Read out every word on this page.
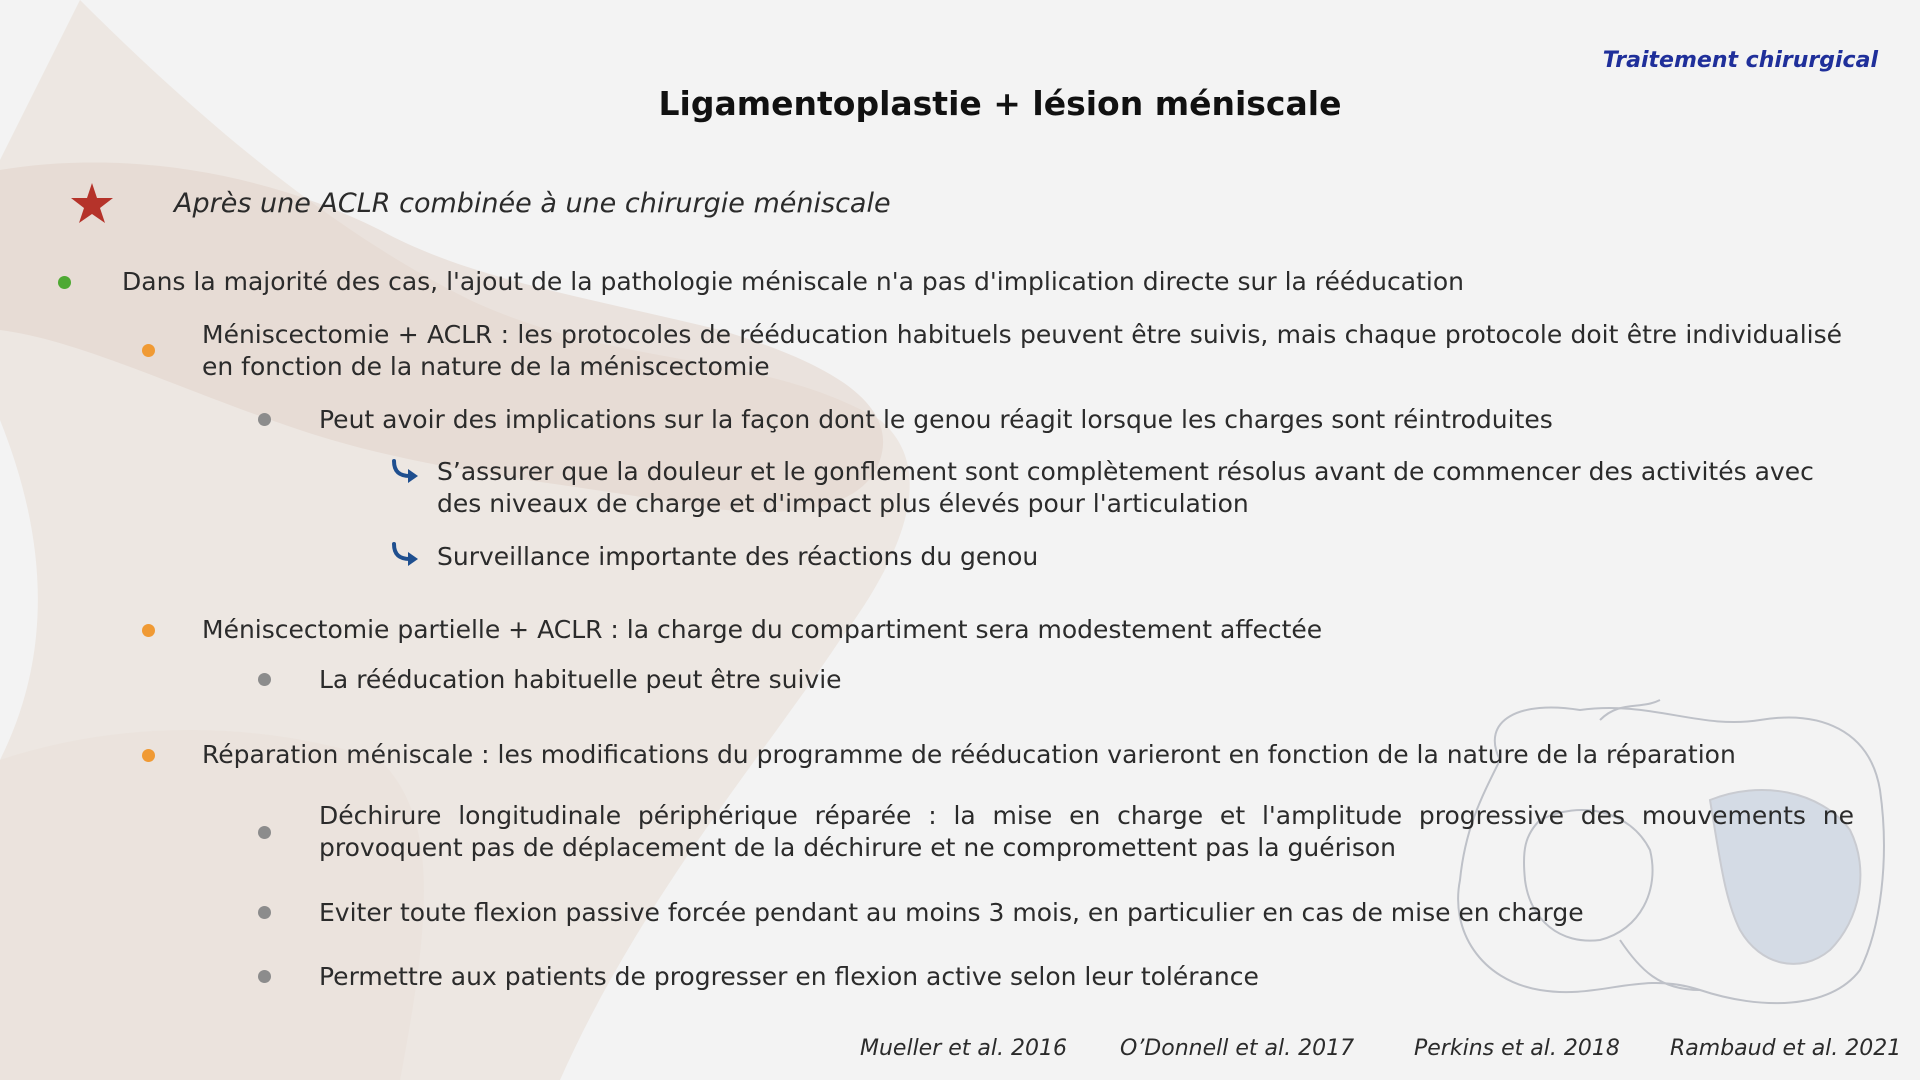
Traitement chirurgical
Ligamentoplastie + lésion méniscale
Après une ACLR combinée à une chirurgie méniscale
Dans la majorité des cas, l'ajout de la pathologie méniscale n'a pas d'implication directe sur la rééducation
Méniscectomie + ACLR : les protocoles de rééducation habituels peuvent être suivis, mais chaque protocole doit être individualisé en fonction de la nature de la méniscectomie
Peut avoir des implications sur la façon dont le genou réagit lorsque les charges sont réintroduites
S’assurer que la douleur et le gonflement sont complètement résolus avant de commencer des activités avec des niveaux de charge et d'impact plus élevés pour l'articulation
Surveillance importante des réactions du genou
Méniscectomie partielle + ACLR : la charge du compartiment sera modestement affectée
La rééducation habituelle peut être suivie
Réparation méniscale : les modifications du programme de rééducation varieront en fonction de la nature de la réparation
Déchirure longitudinale périphérique réparée : la mise en charge et l'amplitude progressive des mouvements ne provoquent pas de déplacement de la déchirure et ne compromettent pas la guérison
Eviter toute flexion passive forcée pendant au moins 3 mois, en particulier en cas de mise en charge
Permettre aux patients de progresser en flexion active selon leur tolérance
Mueller et al. 2016 O’Donnell et al. 2017	Perkins et al. 2018 Rambaud et al. 2021
